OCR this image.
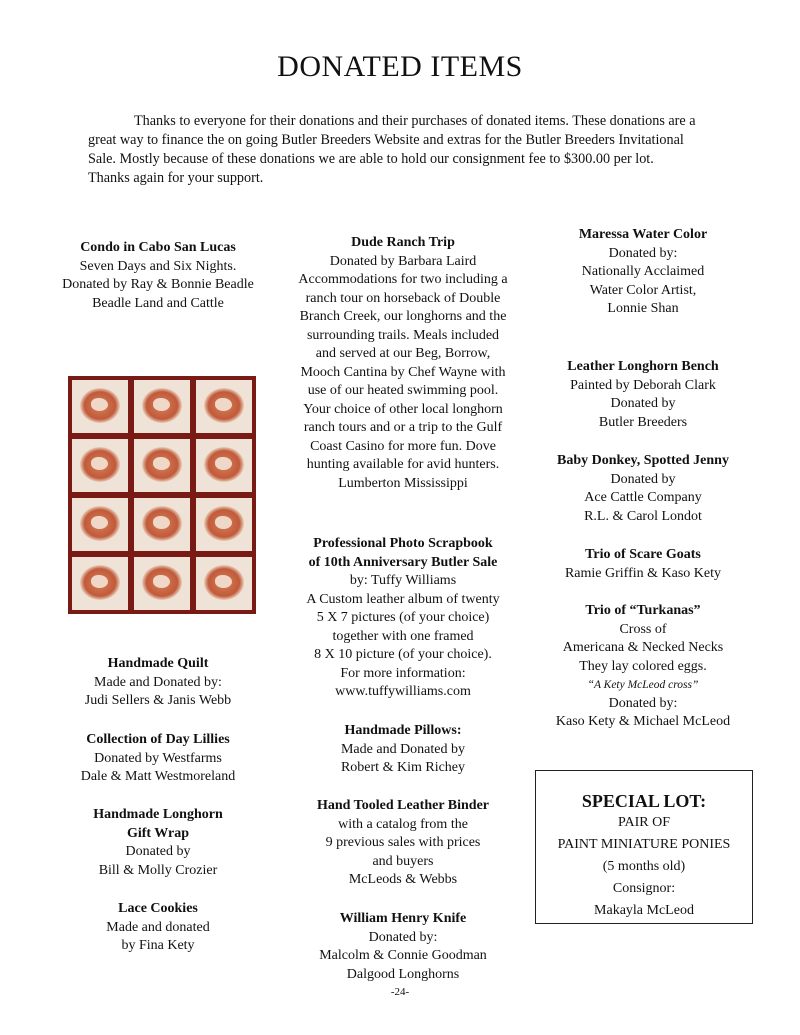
DONATED ITEMS
Thanks to everyone for their donations and their purchases of donated items. These donations are a great way to finance the on going Butler Breeders Website and extras for the Butler Breeders Invitational Sale. Mostly because of these donations we are able to hold our consignment fee to $300.00 per lot. Thanks again for your support.
Condo in Cabo San Lucas
Seven Days and Six Nights.
Donated by Ray & Bonnie Beadle
Beadle Land and Cattle
Handmade Quilt
Made and Donated by:
Judi Sellers & Janis Webb
Collection of Day Lillies
Donated by Westfarms
Dale & Matt Westmoreland
Handmade Longhorn
Gift Wrap
Donated by
Bill & Molly Crozier
Lace Cookies
Made and donated
by Fina Kety
Dude Ranch Trip
Donated by Barbara Laird
Accommodations for two including a
ranch tour on horseback of Double
Branch Creek, our longhorns and the
surrounding trails. Meals included
and served at our Beg, Borrow,
Mooch Cantina by Chef Wayne with
use of our heated swimming pool.
Your choice of other local longhorn
ranch tours and or a trip to the Gulf
Coast Casino for more fun. Dove
hunting available for avid hunters.
Lumberton Mississippi
Professional Photo Scrapbook
of 10th Anniversary Butler Sale
by: Tuffy Williams
A Custom leather album of twenty
5 X 7 pictures (of your choice)
together with one framed
8 X 10 picture (of your choice).
For more information:
www.tuffywilliams.com
Handmade Pillows:
Made and Donated by
Robert & Kim Richey
Hand Tooled Leather Binder
with a catalog from the
9 previous sales with prices
and buyers
McLeods & Webbs
William Henry Knife
Donated by:
Malcolm & Connie Goodman
Dalgood Longhorns
Maressa Water Color
Donated by:
Nationally Acclaimed
Water Color Artist,
Lonnie Shan
Leather Longhorn Bench
Painted by Deborah Clark
Donated by
Butler Breeders
Baby Donkey, Spotted Jenny
Donated by
Ace Cattle Company
R.L. & Carol Londot
Trio of Scare Goats
Ramie Griffin & Kaso Kety
Trio of “Turkanas”
Cross of
Americana & Necked Necks
They lay colored eggs.
“A Kety McLeod cross”
Donated by:
Kaso Kety & Michael McLeod
SPECIAL LOT:
PAIR OF
PAINT MINIATURE PONIES
(5 months old)
Consignor:
Makayla McLeod
-24-
